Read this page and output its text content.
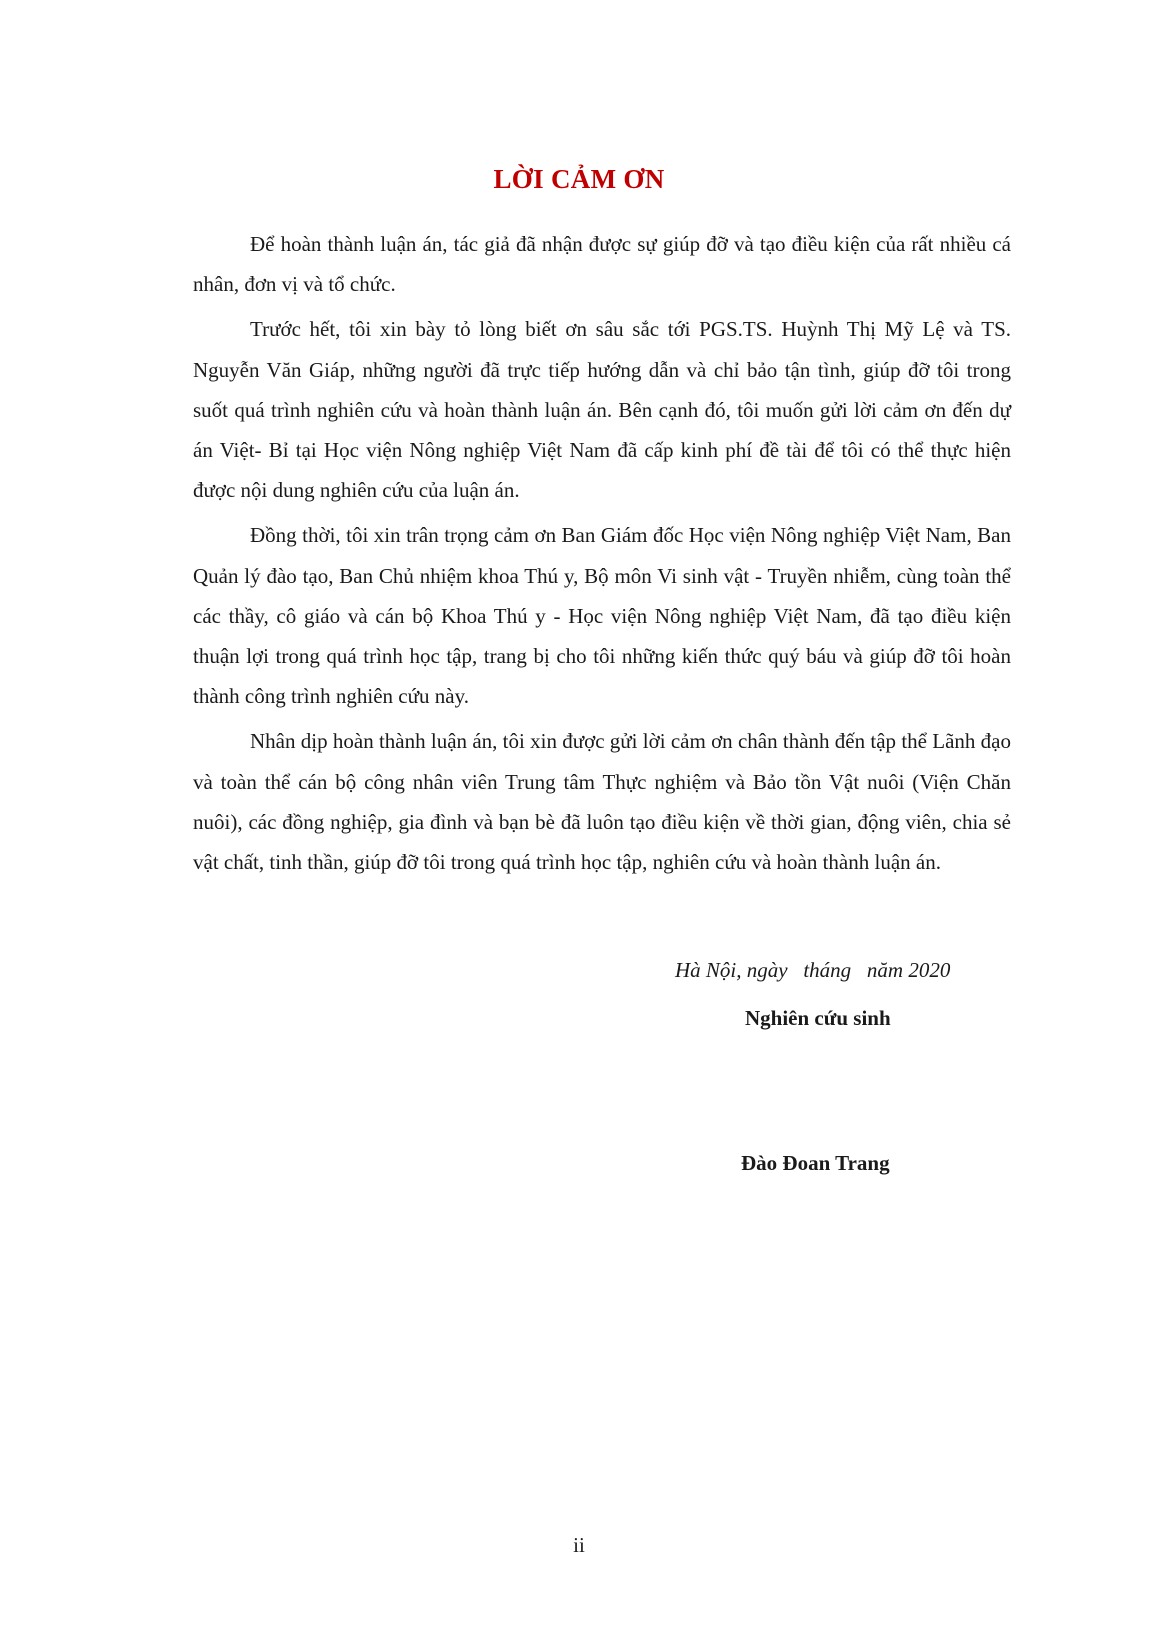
LỜI CẢM ƠN

Để hoàn thành luận án, tác giả đã nhận được sự giúp đỡ và tạo điều kiện của rất nhiều cá nhân, đơn vị và tổ chức.

Trước hết, tôi xin bày tỏ lòng biết ơn sâu sắc tới PGS.TS. Huỳnh Thị Mỹ Lệ và TS. Nguyễn Văn Giáp, những người đã trực tiếp hướng dẫn và chỉ bảo tận tình, giúp đỡ tôi trong suốt quá trình nghiên cứu và hoàn thành luận án. Bên cạnh đó, tôi muốn gửi lời cảm ơn đến dự án Việt- Bỉ tại Học viện Nông nghiệp Việt Nam đã cấp kinh phí đề tài để tôi có thể thực hiện được nội dung nghiên cứu của luận án.

Đồng thời, tôi xin trân trọng cảm ơn Ban Giám đốc Học viện Nông nghiệp Việt Nam, Ban Quản lý đào tạo, Ban Chủ nhiệm khoa Thú y, Bộ môn Vi sinh vật - Truyền nhiễm, cùng toàn thể các thầy, cô giáo và cán bộ Khoa Thú y - Học viện Nông nghiệp Việt Nam, đã tạo điều kiện thuận lợi trong quá trình học tập, trang bị cho tôi những kiến thức quý báu và giúp đỡ tôi hoàn thành công trình nghiên cứu này.

Nhân dịp hoàn thành luận án, tôi xin được gửi lời cảm ơn chân thành đến tập thể Lãnh đạo và toàn thể cán bộ công nhân viên Trung tâm Thực nghiệm và Bảo tồn Vật nuôi (Viện Chăn nuôi), các đồng nghiệp, gia đình và bạn bè đã luôn tạo điều kiện về thời gian, động viên, chia sẻ vật chất, tinh thần, giúp đỡ tôi trong quá trình học tập, nghiên cứu và hoàn thành luận án.

Hà Nội, ngày   tháng   năm 2020
Nghiên cứu sinh
Đào Đoan Trang
ii
